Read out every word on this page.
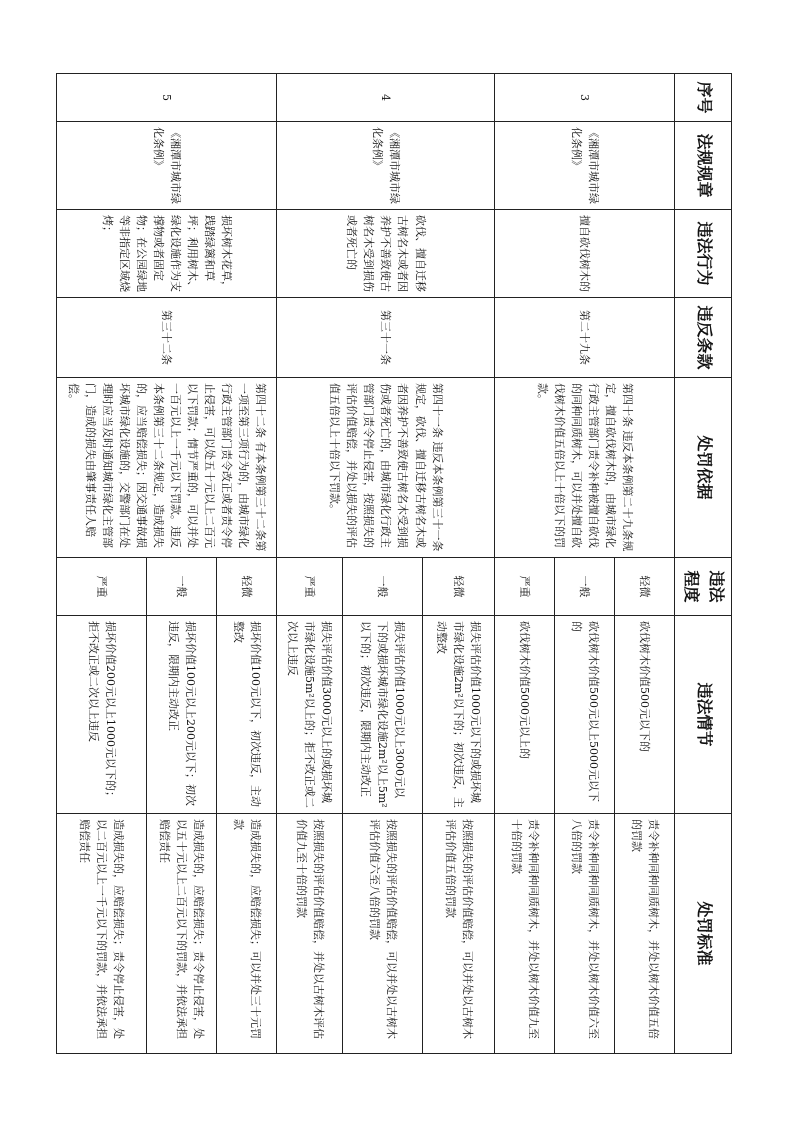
序号	法规规章	违法行为	违反条款	处罚依据	违法程度	违法情节	处罚标准
3	《湘潭市城市绿化条例》	擅自砍伐树木的	第二十九条	第四十条 违反本条例第二十九条规定，擅自砍伐树木的，由城市绿化行政主管部门责令补种被擅自砍伐的同种同质树木，可以并处擅自砍伐树木价值五倍以上十倍以下的罚款。	轻微	砍伐树木价值500元以下的	责令补种同种同质树木，并处以树木价值五倍的罚款
					一般	砍伐树木价值500元以上5000元以下的	责令补种同种同质树木，并处以树木价值六至八倍的罚款
					严重	砍伐树木价值5000元以上的	责令补种同种同质树木，并处以树木价值九至十倍的罚款
4	《湘潭市城市绿化条例》	砍伐、擅自迁移古树名木或者因养护不善致使古树名木受到损伤或者死亡的	第三十一条	第四十一条 违反本条例第三十一条规定，砍伐、擅自迁移古树名木或者因养护不善致使古树名木受到损伤或者死亡的，由城市绿化行政主管部门责令停止侵害，按照损失的评估价值赔偿，并处以损失的评估值五倍以上十倍以下罚款。	轻微	损失评估价值1000元以下的或损坏城市绿化设施2m²以下的；初次违反，主动整改	按照损失的评估价值赔偿，可以并处以古树木评估价值五倍的罚款
					一般	损失评估价值1000元以上3000元以下的或损坏城市绿化设施2m²以上5m²以下的；初次违反，限期内主动改正	按照损失的评估价值赔偿，可以并处以古树木评估价值六至八倍的罚款
					严重	损失评估价值3000元以上的或损坏城市绿化设施5m²以上的；拒不改正或二次以上违反	按照损失的评估价值赔偿，并处以古树木评估价值九至十倍的罚款
5	《湘潭市城市绿化条例》	损坏树木花草，践踏绿篱和草坪；利用树木、绿化设施作为支撑物或者固定物；在公园绿地等非指定区域烧烤；	第三十二条	第四十二条 有本条例第三十二条第一项至第三项行为的，由城市绿化行政主管部门责令改正或者责令停止侵害，可以处五十元以上二百元以下罚款；情节严重的，可以并处一百元以上一千元以下罚款。违反本条例第三十二条规定，造成损失的，应当赔偿损失；因交通事故损坏城市绿化设施的，交警部门在处理时应当及时通知城市绿化主管部门，造成的损失由肇事责任人赔偿。	轻微	损坏价值100元以下，初次违反，主动整改	造成损失的，应赔偿损失；可以并处三十元罚款
					一般	损坏价值100元以上200元以下；初次违反，限期内主动改正	造成损失的，应赔偿损失；责令停止侵害，处以五十元以上二百元以下的罚款，并依法承担赔偿责任
					严重	损坏价值200元以上1000元以下的；拒不改正或二次以上违反	造成损失的，应赔偿损失；责令停止侵害，处以二百元以上一千元以下的罚款，并依法承担赔偿责任
